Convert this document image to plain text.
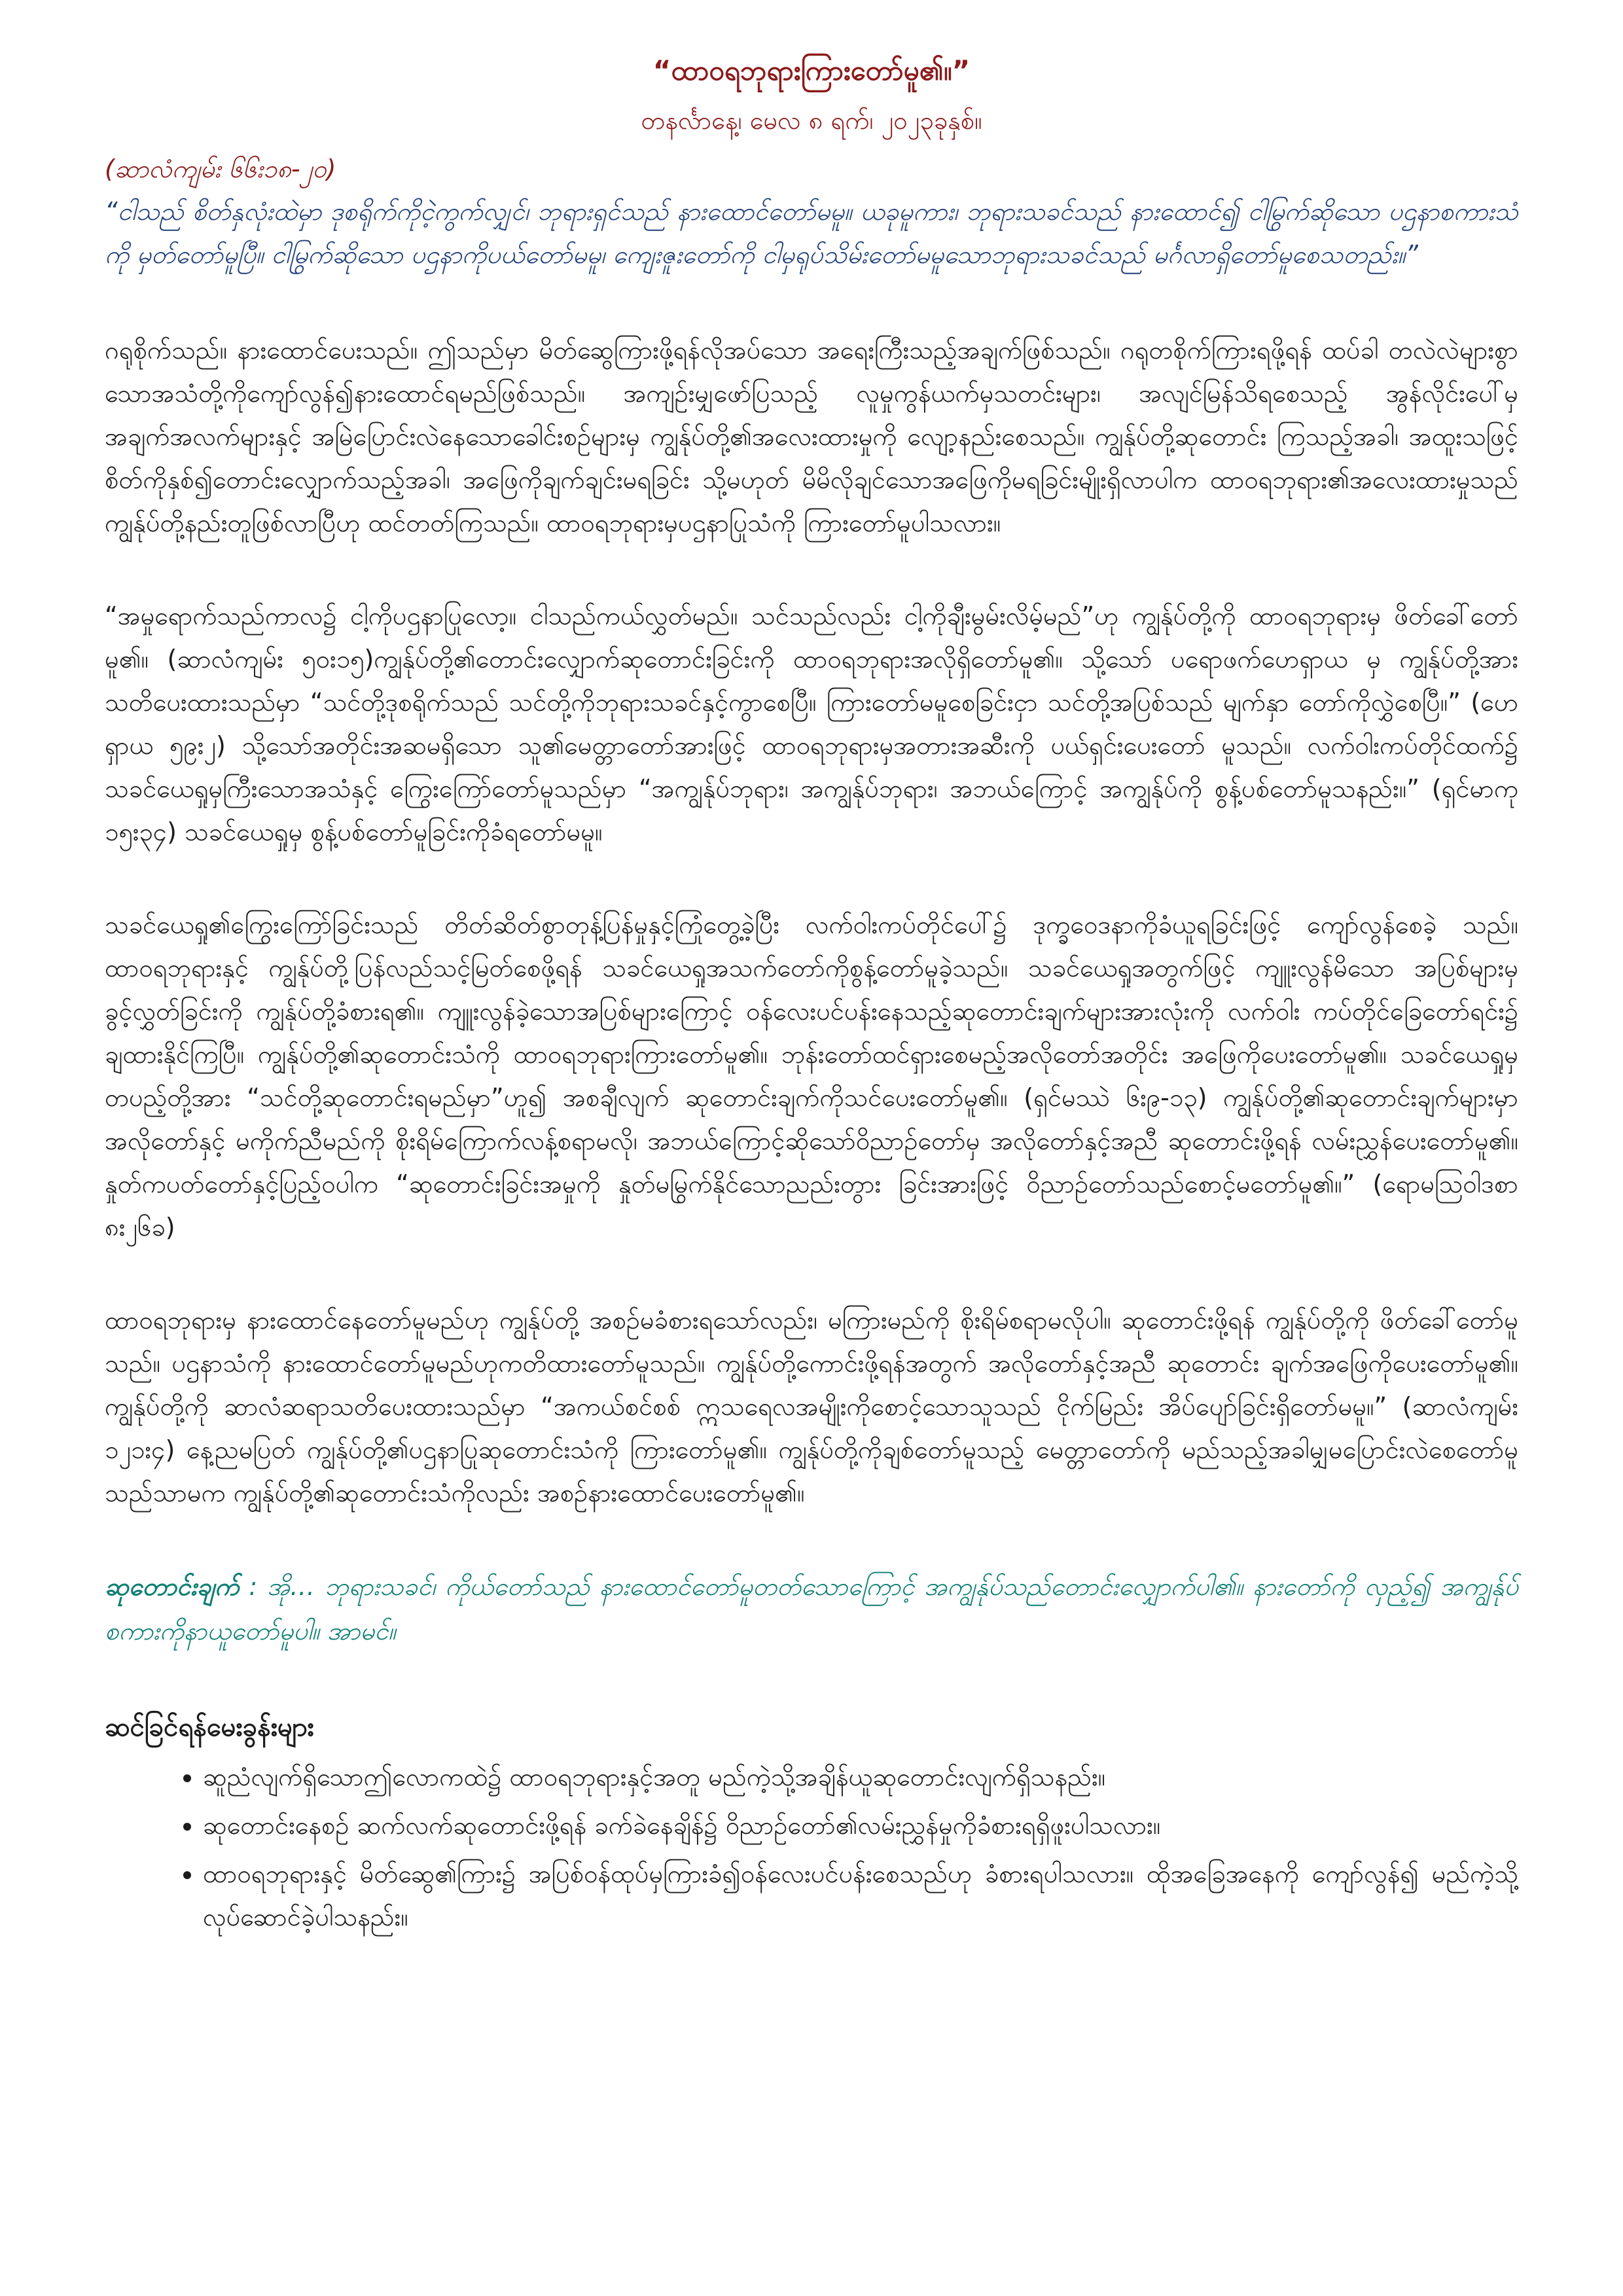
“ထာဝရဘုရားကြားတော်မူ၏။”

တနင်္လာနေ့၊ မေလ ၈ ရက်၊ ၂၀၂၃ခုနှစ်။

(ဆာလံကျမ်း ၆၆း၁၈-၂၀)

“ငါသည် စိတ်နှလုံးထဲမှာ ဒုစရိုက်ကိုငဲ့ကွက်လျှင်၊ ဘုရားရှင်သည် နားထောင်တော်မမူ။ ယခုမူကား၊ ဘုရားသခင်သည် နားထောင်၍ ငါမြွက်ဆိုသော ပဌနာစကားသံကို မှတ်တော်မူပြီ။ ငါမြွက်ဆိုသော ပဌနာကိုပယ်တော်မမူ၊ ကျေးဇူးတော်ကို ငါမှရုပ်သိမ်းတော်မမူသောဘုရားသခင်သည် မင်္ဂလာရှိတော်မူစေသတည်း။”

ဂရုစိုက်သည်။ နားထောင်ပေးသည်။ ဤသည်မှာ မိတ်ဆွေကြားဖို့ရန်လိုအပ်သော အရေးကြီးသည့်အချက်ဖြစ်သည်။ ဂရုတစိုက်ကြားရဖို့ရန် ထပ်ခါ တလဲလဲများစွာသောအသံတို့ကိုကျော်လွန်၍နားထောင်ရမည်ဖြစ်သည်။ အကျဉ်းမျှဖော်ပြသည့် လူမှုကွန်ယက်မှသတင်းများ၊ အလျင်မြန်သိရစေသည့် အွန်လိုင်းပေါ်မှအချက်အလက်များနှင့် အမြဲပြောင်းလဲနေသောခေါင်းစဉ်များမှ ကျွန်ုပ်တို့၏အလေးထားမှုကို လျော့နည်းစေသည်။ ကျွန်ုပ်တို့ဆုတောင်း ကြသည့်အခါ၊ အထူးသဖြင့် စိတ်ကိုနှစ်၍တောင်းလျှောက်သည့်အခါ၊ အဖြေကိုချက်ချင်းမရခြင်း သို့မဟုတ် မိမိလိုချင်သောအဖြေကိုမရခြင်းမျိုးရှိလာပါက ထာဝရဘုရား၏အလေးထားမှုသည် ကျွန်ုပ်တို့နည်းတူဖြစ်လာပြီဟု ထင်တတ်ကြသည်။ ထာဝရဘုရားမှပဌနာပြုသံကို ကြားတော်မူပါသလား။

“အမှုရောက်သည်ကာလ၌ ငါ့ကိုပဌနာပြုလော့။ ငါသည်ကယ်လွှတ်မည်။ သင်သည်လည်း ငါ့ကိုချီးမွမ်းလိမ့်မည်”ဟု ကျွန်ုပ်တို့ကို ထာဝရဘုရားမှ ဖိတ်ခေါ်တော်မူ၏။ (ဆာလံကျမ်း ၅၀း၁၅)ကျွန်ုပ်တို့၏တောင်းလျှောက်ဆုတောင်းခြင်းကို ထာဝရဘုရားအလိုရှိတော်မူ၏။ သို့သော် ပရောဖက်ဟေရှာယ မှ ကျွန်ုပ်တို့အား သတိပေးထားသည်မှာ “သင်တို့ဒုစရိုက်သည် သင်တို့ကိုဘုရားသခင်နှင့်ကွာစေပြီ။ ကြားတော်မမူစေခြင်းငှာ သင်တို့အပြစ်သည် မျက်နှာ တော်ကိုလွှဲစေပြီ။” (ဟေရှာယ ၅၉း၂) သို့သော်အတိုင်းအဆမရှိသော သူ၏မေတ္တာတော်အားဖြင့် ထာဝရဘုရားမှအတားအဆီးကို ပယ်ရှင်းပေးတော် မူသည်။ လက်ဝါးကပ်တိုင်ထက်၌ သခင်ယေရှုမှကြီးသောအသံနှင့် ကြွေးကြော်တော်မူသည်မှာ “အကျွန်ုပ်ဘုရား၊ အကျွန်ုပ်ဘုရား၊ အဘယ်ကြောင့် အကျွန်ုပ်ကို စွန့်ပစ်တော်မူသနည်း။” (ရှင်မာကု ၁၅း၃၄) သခင်ယေရှုမှ စွန့်ပစ်တော်မူခြင်းကိုခံရတော်မမူ။

သခင်ယေရှု၏ကြွေးကြော်ခြင်းသည် တိတ်ဆိတ်စွာတုန့်ပြန်မှုနှင့်ကြုံတွေ့ခဲ့ပြီး လက်ဝါးကပ်တိုင်ပေါ်၌ ဒုက္ခဝေဒနာကိုခံယူရခြင်းဖြင့် ကျော်လွန်စေခဲ့ သည်။ ထာဝရဘုရားနှင့် ကျွန်ုပ်တို့ပြန်လည်သင့်မြတ်စေဖို့ရန် သခင်ယေရှုအသက်တော်ကိုစွန့်တော်မူခဲ့သည်။ သခင်ယေရှုအတွက်ဖြင့် ကျူးလွန်မိသော အပြစ်များမှခွင့်လွှတ်ခြင်းကို ကျွန်ုပ်တို့ခံစားရ၏။ ကျူးလွန်ခဲ့သောအပြစ်များကြောင့် ဝန်လေးပင်ပန်းနေသည့်ဆုတောင်းချက်များအားလုံးကို လက်ဝါး ကပ်တိုင်ခြေတော်ရင်း၌ ချထားနိုင်ကြပြီ။ ကျွန်ုပ်တို့၏ဆုတောင်းသံကို ထာဝရဘုရားကြားတော်မူ၏။ ဘုန်းတော်ထင်ရှားစေမည့်အလိုတော်အတိုင်း အဖြေကိုပေးတော်မူ၏။ သခင်ယေရှုမှတပည့်တို့အား “သင်တို့ဆုတောင်းရမည်မှာ”ဟူ၍ အစချီလျက် ဆုတောင်းချက်ကိုသင်ပေးတော်မူ၏။ (ရှင်မဿဲ ၆း၉-၁၃) ကျွန်ုပ်တို့၏ဆုတောင်းချက်များမှာ အလိုတော်နှင့် မကိုက်ညီမည်ကို စိုးရိမ်ကြောက်လန့်စရာမလို၊ အဘယ်ကြောင့်ဆိုသော်ဝိညာဉ်တော်မှ အလိုတော်နှင့်အညီ ဆုတောင်းဖို့ရန် လမ်းညွှန်ပေးတော်မူ၏။ နှုတ်ကပတ်တော်နှင့်ပြည့်ဝပါက “ဆုတောင်းခြင်းအမှုကို နှုတ်မမြွက်နိုင်သောညည်းတွား ခြင်းအားဖြင့် ဝိညာဉ်တော်သည်စောင့်မတော်မူ၏။” (ရောမဩဝါဒစာ ၈း၂၆ခ)

ထာဝရဘုရားမှ နားထောင်နေတော်မူမည်ဟု ကျွန်ုပ်တို့ အစဉ်မခံစားရသော်လည်း၊ မကြားမည်ကို စိုးရိမ်စရာမလိုပါ။ ဆုတောင်းဖို့ရန် ကျွန်ုပ်တို့ကို ဖိတ်ခေါ်တော်မူသည်။ ပဌနာသံကို နားထောင်တော်မူမည်ဟုကတိထားတော်မူသည်။ ကျွန်ုပ်တို့ကောင်းဖို့ရန်အတွက် အလိုတော်နှင့်အညီ ဆုတောင်း ချက်အဖြေကိုပေးတော်မူ၏။ ကျွန်ုပ်တို့ကို ဆာလံဆရာသတိပေးထားသည်မှာ “အကယ်စင်စစ် ဣသရေလအမျိုးကိုစောင့်သောသူသည် ငိုက်မြည်း အိပ်ပျော်ခြင်းရှိတော်မမူ။” (ဆာလံကျမ်း ၁၂၁း၄) နေ့ညမပြတ် ကျွန်ုပ်တို့၏ပဌနာပြုဆုတောင်းသံကို ကြားတော်မူ၏။ ကျွန်ုပ်တို့ကိုချစ်တော်မူသည့် မေတ္တာတော်ကို မည်သည့်အခါမျှမပြောင်းလဲစေတော်မူသည်သာမက ကျွန်ုပ်တို့၏ဆုတောင်းသံကိုလည်း အစဉ်နားထောင်ပေးတော်မူ၏။

ဆုတောင်းချက် : အို… ဘုရားသခင်၊ ကိုယ်တော်သည် နားထောင်တော်မူတတ်သောကြောင့် အကျွန်ုပ်သည်တောင်းလျှောက်ပါ၏။ နားတော်ကို လှည့်၍ အကျွန်ုပ်စကားကိုနာယူတော်မူပါ။ အာမင်။

ဆင်ခြင်ရန်မေးခွန်းများ

• ဆူညံလျက်ရှိသောဤလောကထဲ၌ ထာဝရဘုရားနှင့်အတူ မည်ကဲ့သို့အချိန်ယူဆုတောင်းလျက်ရှိသနည်း။
• ဆုတောင်းနေစဉ် ဆက်လက်ဆုတောင်းဖို့ရန် ခက်ခဲနေချိန်၌ ဝိညာဉ်တော်၏လမ်းညွှန်မှုကိုခံစားရရှိဖူးပါသလား။
• ထာဝရဘုရားနှင့် မိတ်ဆွေ၏ကြား၌ အပြစ်ဝန်ထုပ်မှကြားခံ၍ဝန်လေးပင်ပန်းစေသည်ဟု ခံစားရပါသလား။ ထိုအခြေအနေကို ကျော်လွန်၍ မည်ကဲ့သို့လုပ်ဆောင်ခဲ့ပါသနည်း။
